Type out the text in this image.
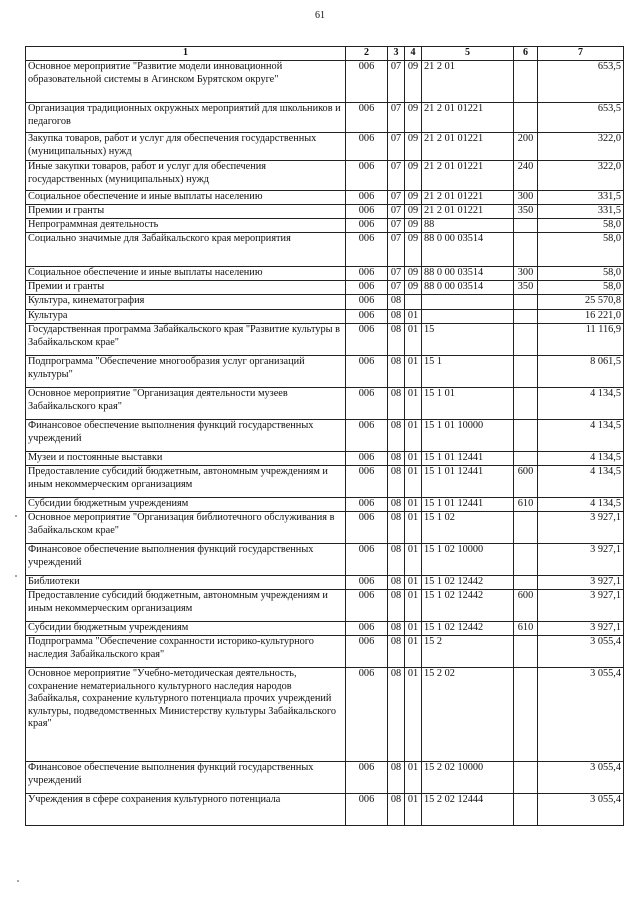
61
1	2	3	4	5	6	7
Основное мероприятие "Развитие модели инновационной образовательной системы в Агинском Бурятском округе"	006	07	09	21 2 01		653,5
Организация традиционных окружных мероприятий для школьников и педагогов	006	07	09	21 2 01 01221		653,5
Закупка товаров, работ и услуг для обеспечения государственных (муниципальных) нужд	006	07	09	21 2 01 01221	200	322,0
Иные закупки товаров, работ и услуг для обеспечения государственных (муниципальных) нужд	006	07	09	21 2 01 01221	240	322,0
Социальное обеспечение и иные выплаты населению	006	07	09	21 2 01 01221	300	331,5
Премии и гранты	006	07	09	21 2 01 01221	350	331,5
Непрограммная деятельность	006	07	09	88		58,0
Социально значимые для Забайкальского края мероприятия	006	07	09	88 0 00 03514		58,0
Социальное обеспечение и иные выплаты населению	006	07	09	88 0 00 03514	300	58,0
Премии и гранты	006	07	09	88 0 00 03514	350	58,0
Культура, кинематография	006	08				25 570,8
Культура	006	08	01			16 221,0
Государственная программа Забайкальского края "Развитие культуры в Забайкальском крае"	006	08	01	15		11 116,9
Подпрограмма "Обеспечение многообразия услуг организаций культуры"	006	08	01	15 1		8 061,5
Основное мероприятие "Организация деятельности музеев Забайкальского края"	006	08	01	15 1 01		4 134,5
Финансовое обеспечение выполнения функций государственных учреждений	006	08	01	15 1 01 10000		4 134,5
Музеи и постоянные выставки	006	08	01	15 1 01 12441		4 134,5
Предоставление субсидий бюджетным, автономным учреждениям и иным некоммерческим организациям	006	08	01	15 1 01 12441	600	4 134,5
Субсидии бюджетным учреждениям	006	08	01	15 1 01 12441	610	4 134,5
Основное мероприятие "Организация библиотечного обслуживания в Забайкальском крае"	006	08	01	15 1 02		3 927,1
Финансовое обеспечение выполнения функций государственных учреждений	006	08	01	15 1 02 10000		3 927,1
Библиотеки	006	08	01	15 1 02 12442		3 927,1
Предоставление субсидий бюджетным, автономным учреждениям и иным некоммерческим организациям	006	08	01	15 1 02 12442	600	3 927,1
Субсидии бюджетным учреждениям	006	08	01	15 1 02 12442	610	3 927,1
Подпрограмма "Обеспечение сохранности историко-культурного наследия Забайкальского края"	006	08	01	15 2		3 055,4
Основное мероприятие "Учебно-методическая деятельность, сохранение нематериального культурного наследия народов Забайкалья, сохранение культурного потенциала прочих учреждений культуры, подведомственных Министерству культуры Забайкальского края"	006	08	01	15 2 02		3 055,4
Финансовое обеспечение выполнения функций государственных учреждений	006	08	01	15 2 02 10000		3 055,4
Учреждения в сфере сохранения культурного потенциала	006	08	01	15 2 02 12444		3 055,4
